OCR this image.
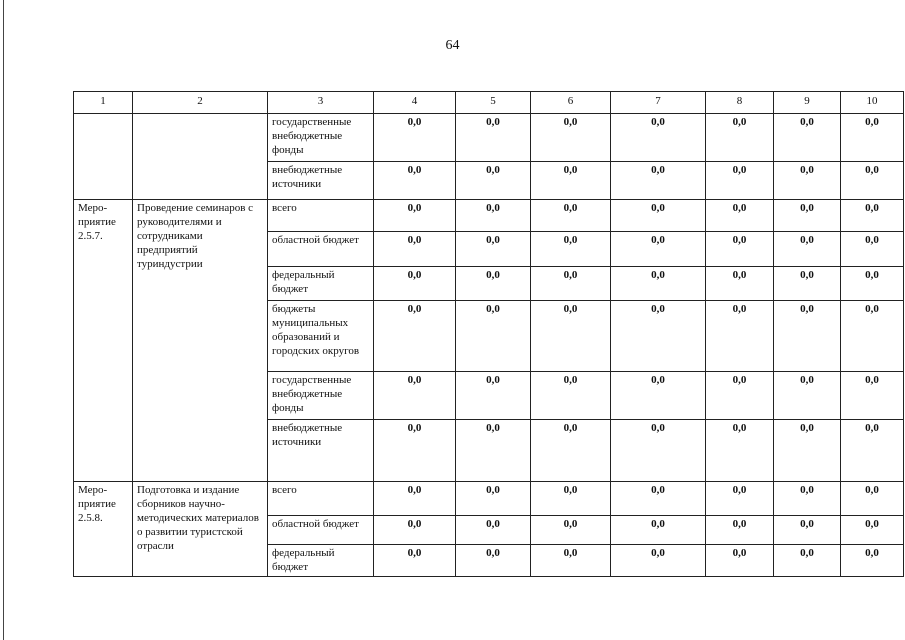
64
1	2	3	4	5	6	7	8	9	10
		государственные внебюджетные фонды	0,0	0,0	0,0	0,0	0,0	0,0	0,0
		внебюджетные источники	0,0	0,0	0,0	0,0	0,0	0,0	0,0
Меро-приятие 2.5.7.	Проведение семинаров с руководителями и сотрудниками предприятий туриндустрии	всего	0,0	0,0	0,0	0,0	0,0	0,0	0,0
		областной бюджет	0,0	0,0	0,0	0,0	0,0	0,0	0,0
		федеральный бюджет	0,0	0,0	0,0	0,0	0,0	0,0	0,0
		бюджеты муниципальных образований и городских округов	0,0	0,0	0,0	0,0	0,0	0,0	0,0
		государственные внебюджетные фонды	0,0	0,0	0,0	0,0	0,0	0,0	0,0
		внебюджетные источники	0,0	0,0	0,0	0,0	0,0	0,0	0,0
Меро-приятие 2.5.8.	Подготовка и издание сборников научно-методических материалов о развитии туристской отрасли	всего	0,0	0,0	0,0	0,0	0,0	0,0	0,0
		областной бюджет	0,0	0,0	0,0	0,0	0,0	0,0	0,0
		федеральный бюджет	0,0	0,0	0,0	0,0	0,0	0,0	0,0
